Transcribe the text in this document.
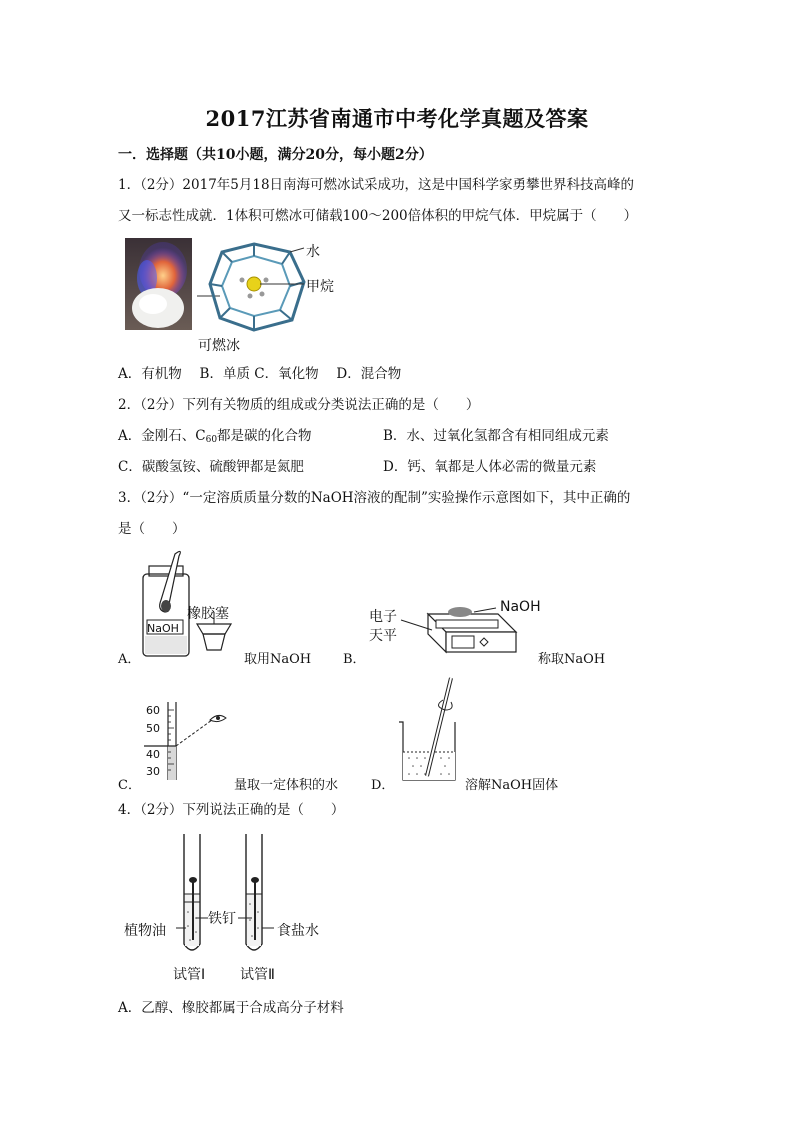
2017江苏省南通市中考化学真题及答案
一．选择题（共10小题，满分20分，每小题2分）
1．（2分）2017年5月18日南海可燃冰试采成功，这是中国科学家勇攀世界科技高峰的
又一标志性成就．1体积可燃冰可储载100～200倍体积的甲烷气体．甲烷属于（　　）
水
甲烷
可燃冰
A．有机物　 B．单质 C．氧化物　 D．混合物
2．（2分）下列有关物质的组成或分类说法正确的是（　　）
A．金刚石、$C_{60}$都是碳的化合物	B．水、过氧化氢都含有相同组成元素
C．碳酸氢铵、硫酸钾都是氮肥	D．钙、氧都是人体必需的微量元素
3．（2分）“一定溶质质量分数的NaOH溶液的配制”实验操作示意图如下，其中正确的
是（　　）
NaOH
橡胶塞
A．	取用NaOH
电子
天平
NaOH
B．	称取NaOH
60
50
40
30
C．	量取一定体积的水	D．	溶解NaOH固体
4．（2分）下列说法正确的是（　　）
植物油
铁钉
食盐水
试管Ⅰ 试管Ⅱ
A．乙醇、橡胶都属于合成高分子材料
